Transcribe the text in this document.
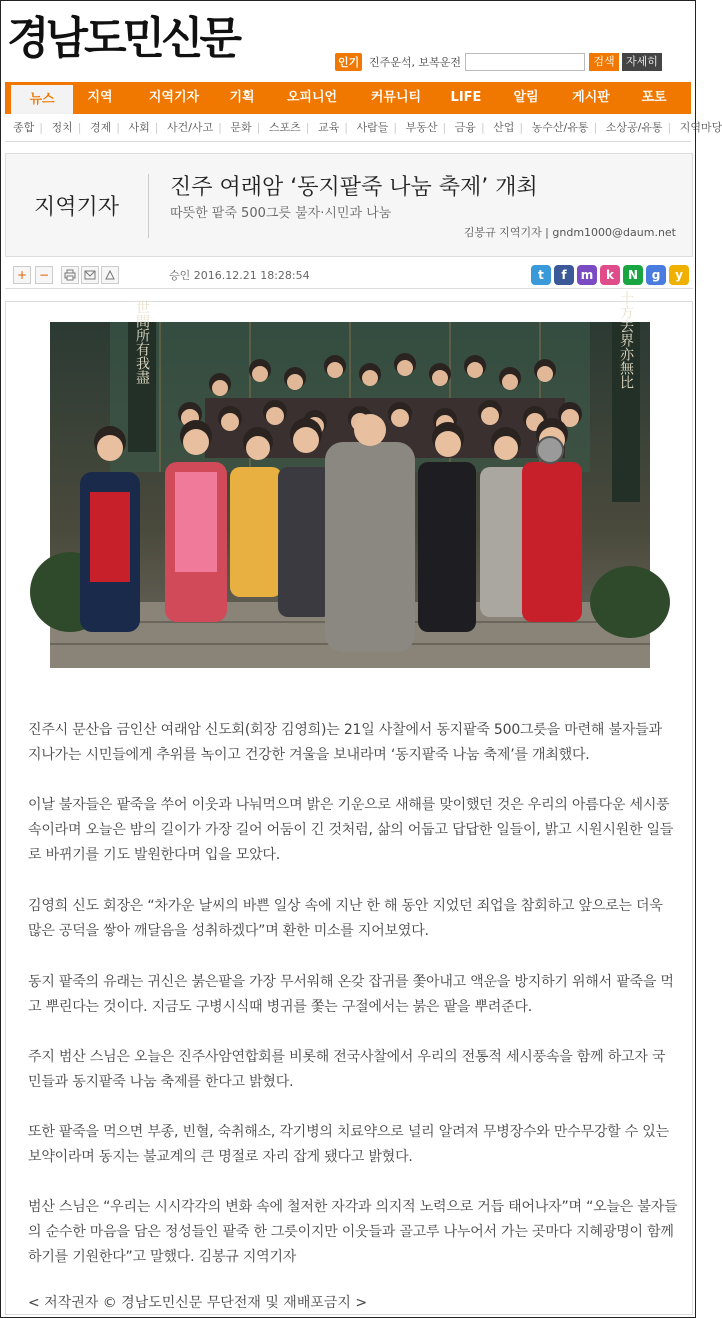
경남도민신문	인기 진주운석, 보복운전	검색	자세히
뉴스	지역	지역기자	기획	오피니언	커뮤니티	LIFE	알림	게시판	포토
종합 | 정치 | 경제 | 사회 | 사건/사고 | 문화 | 스포츠 | 교육 | 사람들 | 부동산 | 금융 | 산업 | 농수산/유통 | 소상공/유통 | 지역마당
지역기자
진주 여래암 ‘동지팥죽 나눔 축제’ 개최
따뜻한 팥죽 500그릇 불자·시민과 나눔
김봉규 지역기자 | gndm1000@daum.net
+ −	승인 2016.12.21 18:28:54	t	f	m	k	N	g	y
世間所有我盡	十方去界亦無比

진주시 문산읍 금인산 여래암 신도회(회장 김영희)는 21일 사찰에서 동지팥죽 500그릇을 마련해 불자들과 지나가는 시민들에게 추위를 녹이고 건강한 겨울을 보내라며 ‘동지팥죽 나눔 축제’를 개최했다.

이날 불자들은 팥죽을 쑤어 이웃과 나눠먹으며 밝은 기운으로 새해를 맞이했던 것은 우리의 아름다운 세시풍속이라며 오늘은 밤의 길이가 가장 길어 어둠이 긴 것처럼, 삶의 어둡고 답답한 일들이, 밝고 시원시원한 일들로 바뀌기를 기도 발원한다며 입을 모았다.

김영희 신도 회장은 “차가운 날씨의 바쁜 일상 속에 지난 한 해 동안 지었던 죄업을 참회하고 앞으로는 더욱 많은 공덕을 쌓아 깨달음을 성취하겠다”며 환한 미소를 지어보였다.

동지 팥죽의 유래는 귀신은 붉은팥을 가장 무서워해 온갖 잡귀를 쫓아내고 액운을 방지하기 위해서 팥죽을 먹고 뿌린다는 것이다. 지금도 구병시식때 병귀를 쫓는 구절에서는 붉은 팥을 뿌려준다.

주지 범산 스님은 오늘은 진주사암연합회를 비롯해 전국사찰에서 우리의 전통적 세시풍속을 함께 하고자 국민들과 동지팥죽 나눔 축제를 한다고 밝혔다.

또한 팥죽을 먹으면 부종, 빈혈, 숙취해소, 각기병의 치료약으로 널리 알려져 무병장수와 만수무강할 수 있는 보약이라며 동지는 불교계의 큰 명절로 자리 잡게 됐다고 밝혔다.

범산 스님은 “우리는 시시각각의 변화 속에 철저한 자각과 의지적 노력으로 거듭 태어나자”며 “오늘은 불자들의 순수한 마음을 담은 정성들인 팥죽 한 그릇이지만 이웃들과 골고루 나누어서 가는 곳마다 지혜광명이 함께하기를 기원한다”고 말했다. 김봉규 지역기자

< 저작권자 © 경남도민신문 무단전재 및 재배포금지 >
